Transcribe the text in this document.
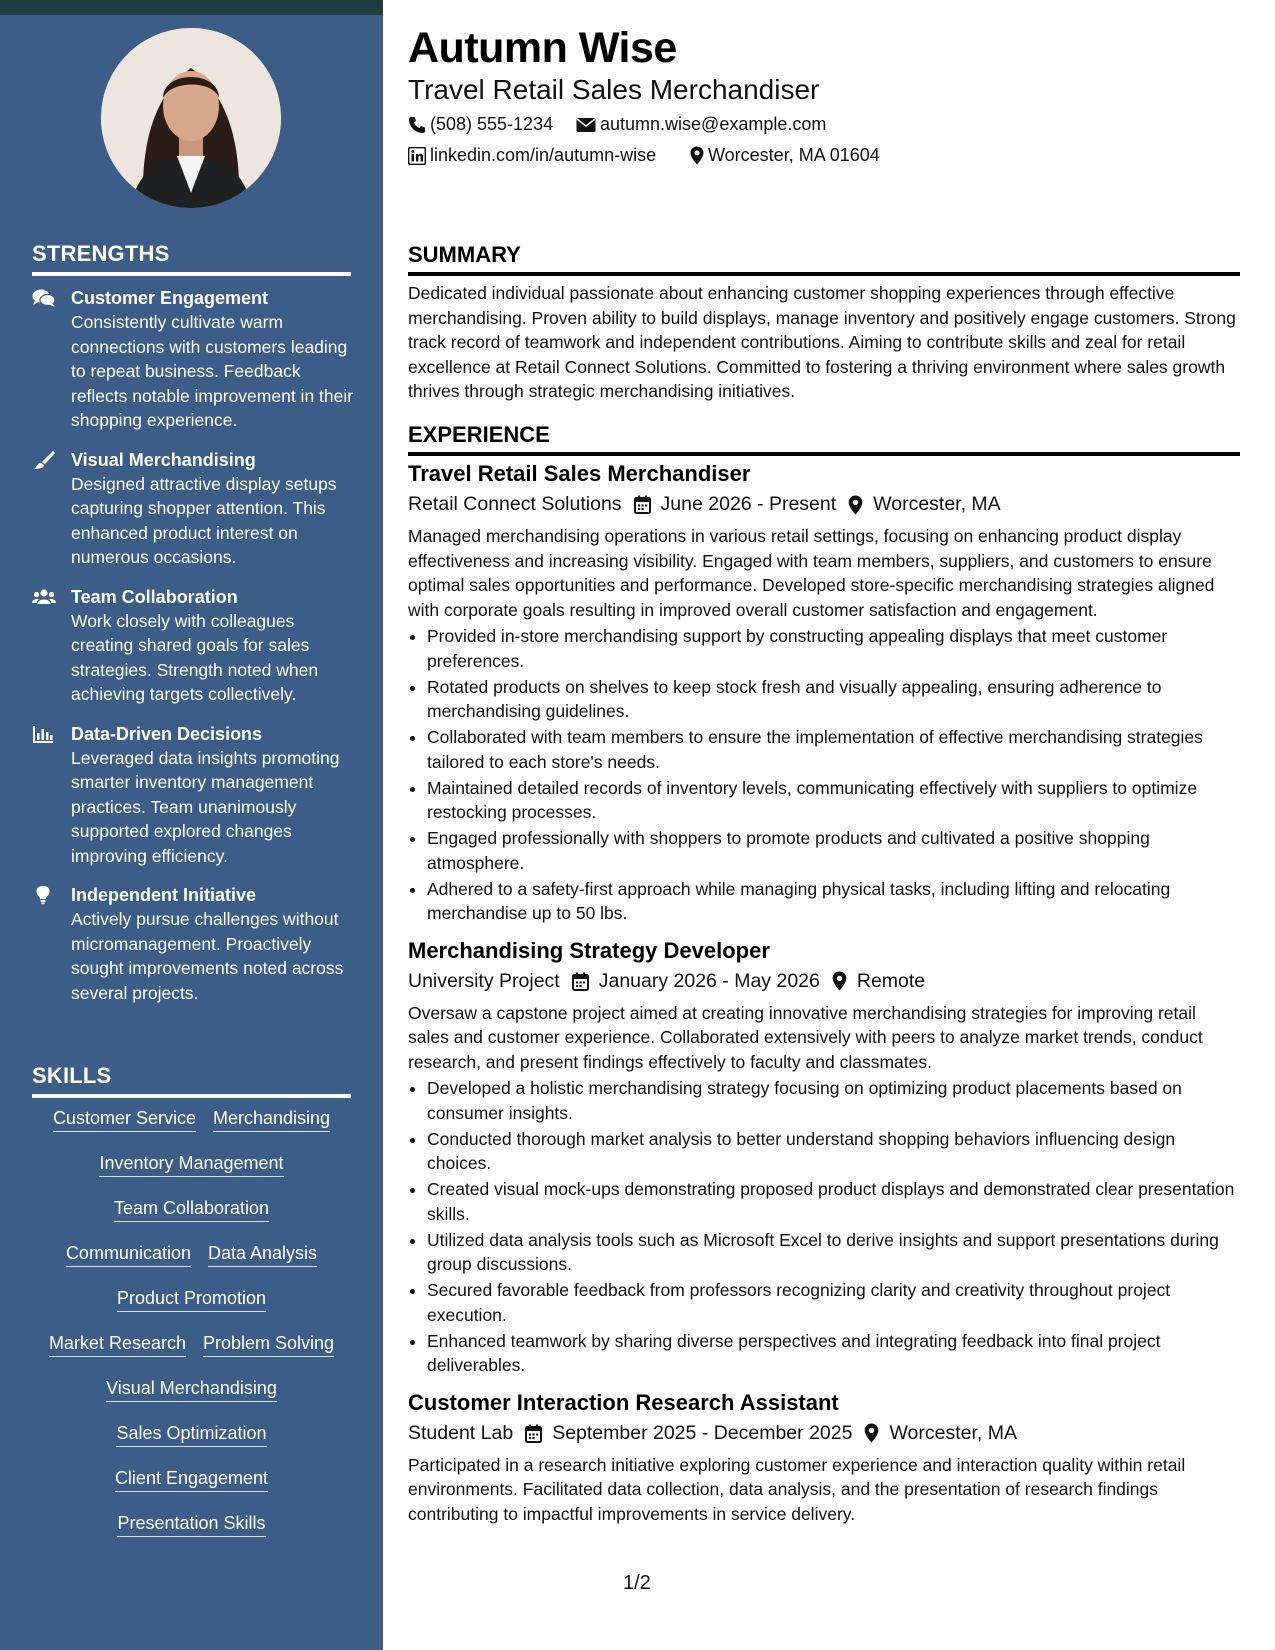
STRENGTHS
Customer Engagement
Consistently cultivate warm connections with customers leading to repeat business. Feedback reflects notable improvement in their shopping experience.
Visual Merchandising
Designed attractive display setups capturing shopper attention. This enhanced product interest on numerous occasions.
Team Collaboration
Work closely with colleagues creating shared goals for sales strategies. Strength noted when achieving targets collectively.
Data-Driven Decisions
Leveraged data insights promoting smarter inventory management practices. Team unanimously supported explored changes improving efficiency.
Independent Initiative
Actively pursue challenges without micromanagement. Proactively sought improvements noted across several projects.
SKILLS
Customer Service Merchandising
Inventory Management
Team Collaboration
Communication Data Analysis
Product Promotion
Market Research Problem Solving
Visual Merchandising
Sales Optimization
Client Engagement
Presentation Skills
Autumn Wise
Travel Retail Sales Merchandiser
(508) 555-1234	autumn.wise@example.com
linkedin.com/in/autumn-wise	Worcester, MA 01604
SUMMARY
Dedicated individual passionate about enhancing customer shopping experiences through effective merchandising. Proven ability to build displays, manage inventory and positively engage customers. Strong track record of teamwork and independent contributions. Aiming to contribute skills and zeal for retail excellence at Retail Connect Solutions. Committed to fostering a thriving environment where sales growth thrives through strategic merchandising initiatives.
EXPERIENCE
Travel Retail Sales Merchandiser
Retail Connect Solutions June 2026 - Present Worcester, MA
Managed merchandising operations in various retail settings, focusing on enhancing product display effectiveness and increasing visibility. Engaged with team members, suppliers, and customers to ensure optimal sales opportunities and performance. Developed store-specific merchandising strategies aligned with corporate goals resulting in improved overall customer satisfaction and engagement.
• Provided in-store merchandising support by constructing appealing displays that meet customer preferences.
• Rotated products on shelves to keep stock fresh and visually appealing, ensuring adherence to merchandising guidelines.
• Collaborated with team members to ensure the implementation of effective merchandising strategies tailored to each store's needs.
• Maintained detailed records of inventory levels, communicating effectively with suppliers to optimize restocking processes.
• Engaged professionally with shoppers to promote products and cultivated a positive shopping atmosphere.
• Adhered to a safety-first approach while managing physical tasks, including lifting and relocating merchandise up to 50 lbs.
Merchandising Strategy Developer
University Project January 2026 - May 2026 Remote
Oversaw a capstone project aimed at creating innovative merchandising strategies for improving retail sales and customer experience. Collaborated extensively with peers to analyze market trends, conduct research, and present findings effectively to faculty and classmates.
• Developed a holistic merchandising strategy focusing on optimizing product placements based on consumer insights.
• Conducted thorough market analysis to better understand shopping behaviors influencing design choices.
• Created visual mock-ups demonstrating proposed product displays and demonstrated clear presentation skills.
• Utilized data analysis tools such as Microsoft Excel to derive insights and support presentations during group discussions.
• Secured favorable feedback from professors recognizing clarity and creativity throughout project execution.
• Enhanced teamwork by sharing diverse perspectives and integrating feedback into final project deliverables.
Customer Interaction Research Assistant
Student Lab September 2025 - December 2025 Worcester, MA
Participated in a research initiative exploring customer experience and interaction quality within retail environments. Facilitated data collection, data analysis, and the presentation of research findings contributing to impactful improvements in service delivery.
1/2
